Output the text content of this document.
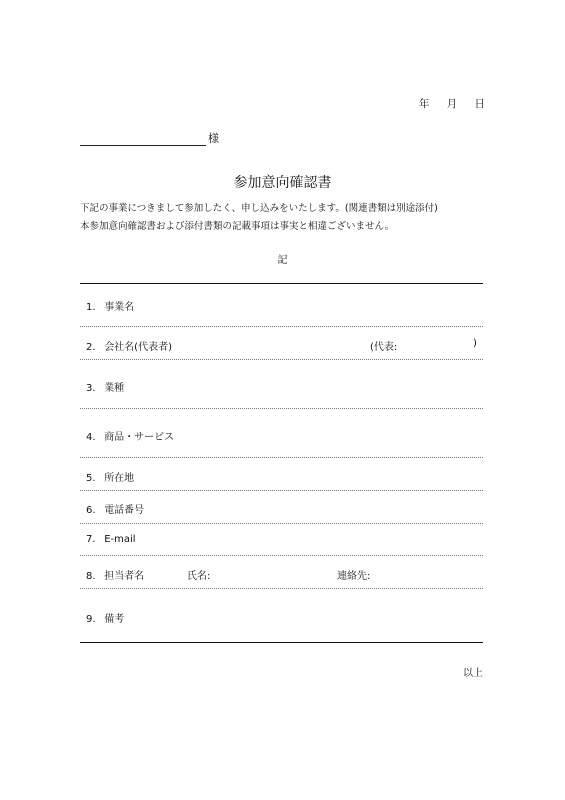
年 月 日
様
参加意向確認書
下記の事業につきまして参加したく、申し込みをいたします。(関連書類は別途添付)
本参加意向確認書および添付書類の記載事項は事実と相違ございません。
記
1. 事業名
2. 会社名(代表者)	(代表:	)
3. 業種
4. 商品・サービス
5. 所在地
6. 電話番号
7. E-mail
8. 担当者名	氏名:	連絡先:
9. 備考
以上
